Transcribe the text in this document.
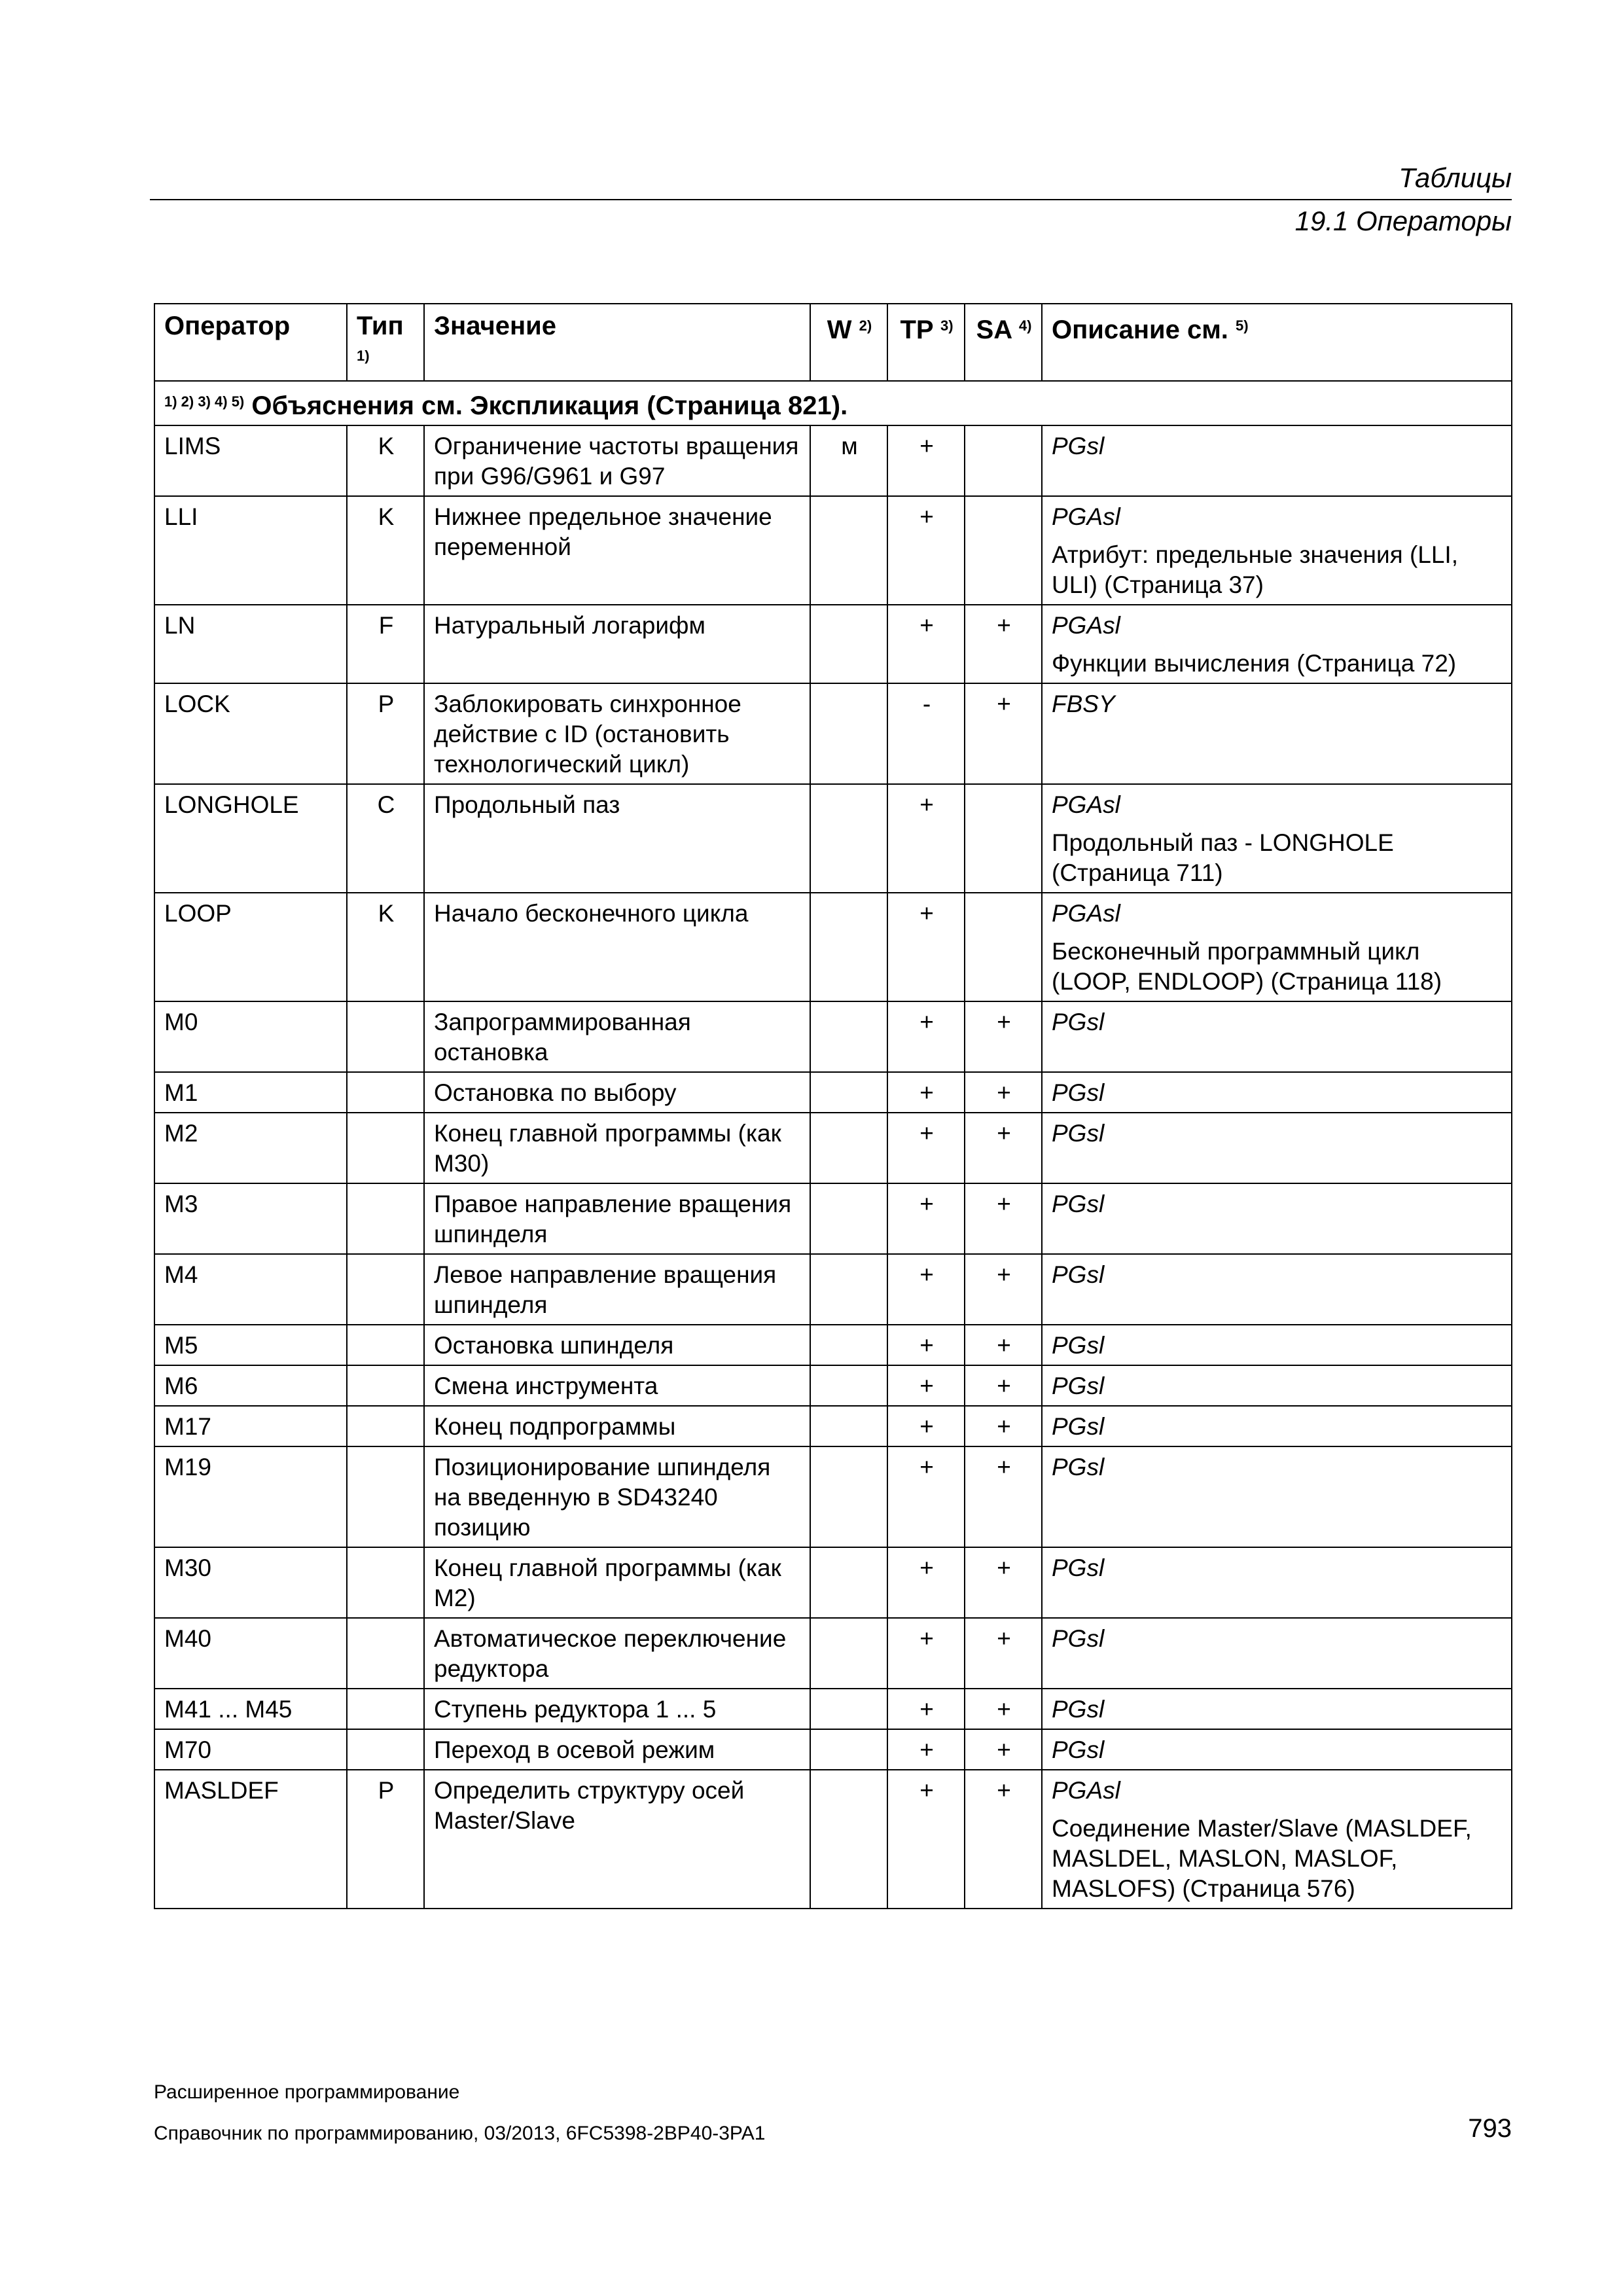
Таблицы
19.1 Операторы
Оператор	Тип $^{1)}$	Значение	W $^{2)}$	TP $^{3)}$	SA $^{4)}$	Описание см. $^{5)}$
$^{1) 2) 3) 4) 5)}$ Объяснения см. Экспликация (Страница 821).						
LIMS	K	Ограничение частоты вращения при G96/G961 и G97	м	+		PGsl

LLI	K	Нижнее предельное значение переменной		+		PGAsl
Атрибут: предельные значения (LLI, ULI) (Страница 37)

LN	F	Натуральный логарифм		+	+	PGAsl
Функции вычисления (Страница 72)

LOCK	P	Заблокировать синхронное действие с ID (остановить технологический цикл)		-	+	FBSY

LONGHOLE	C	Продольный паз		+		PGAsl
Продольный паз - LONGHOLE (Страница 711)

LOOP	K	Начало бесконечного цикла		+		PGAsl
Бесконечный программный цикл (LOOP, ENDLOOP) (Страница 118)

M0		Запрограммированная остановка		+	+	PGsl

M1		Остановка по выбору		+	+	PGsl

M2		Конец главной программы (как M30)		+	+	PGsl

M3		Правое направление вращения шпинделя		+	+	PGsl

M4		Левое направление вращения шпинделя		+	+	PGsl

M5		Остановка шпинделя		+	+	PGsl

M6		Смена инструмента		+	+	PGsl

M17		Конец подпрограммы		+	+	PGsl

M19		Позиционирование шпинделя на введенную в SD43240 позицию		+	+	PGsl

M30		Конец главной программы (как M2)		+	+	PGsl

M40		Автоматическое переключение редуктора		+	+	PGsl

M41 ... M45		Ступень редуктора 1 ... 5		+	+	PGsl

M70		Переход в осевой режим		+	+	PGsl

MASLDEF	P	Определить структуру осей Master/Slave		+	+	PGAsl
Соединение Master/Slave (MASLDEF, MASLDEL, MASLON, MASLOF, MASLOFS) (Страница 576)
Расширенное программирование
Справочник по программированию, 03/2013, 6FC5398-2BP40-3PA1	793
